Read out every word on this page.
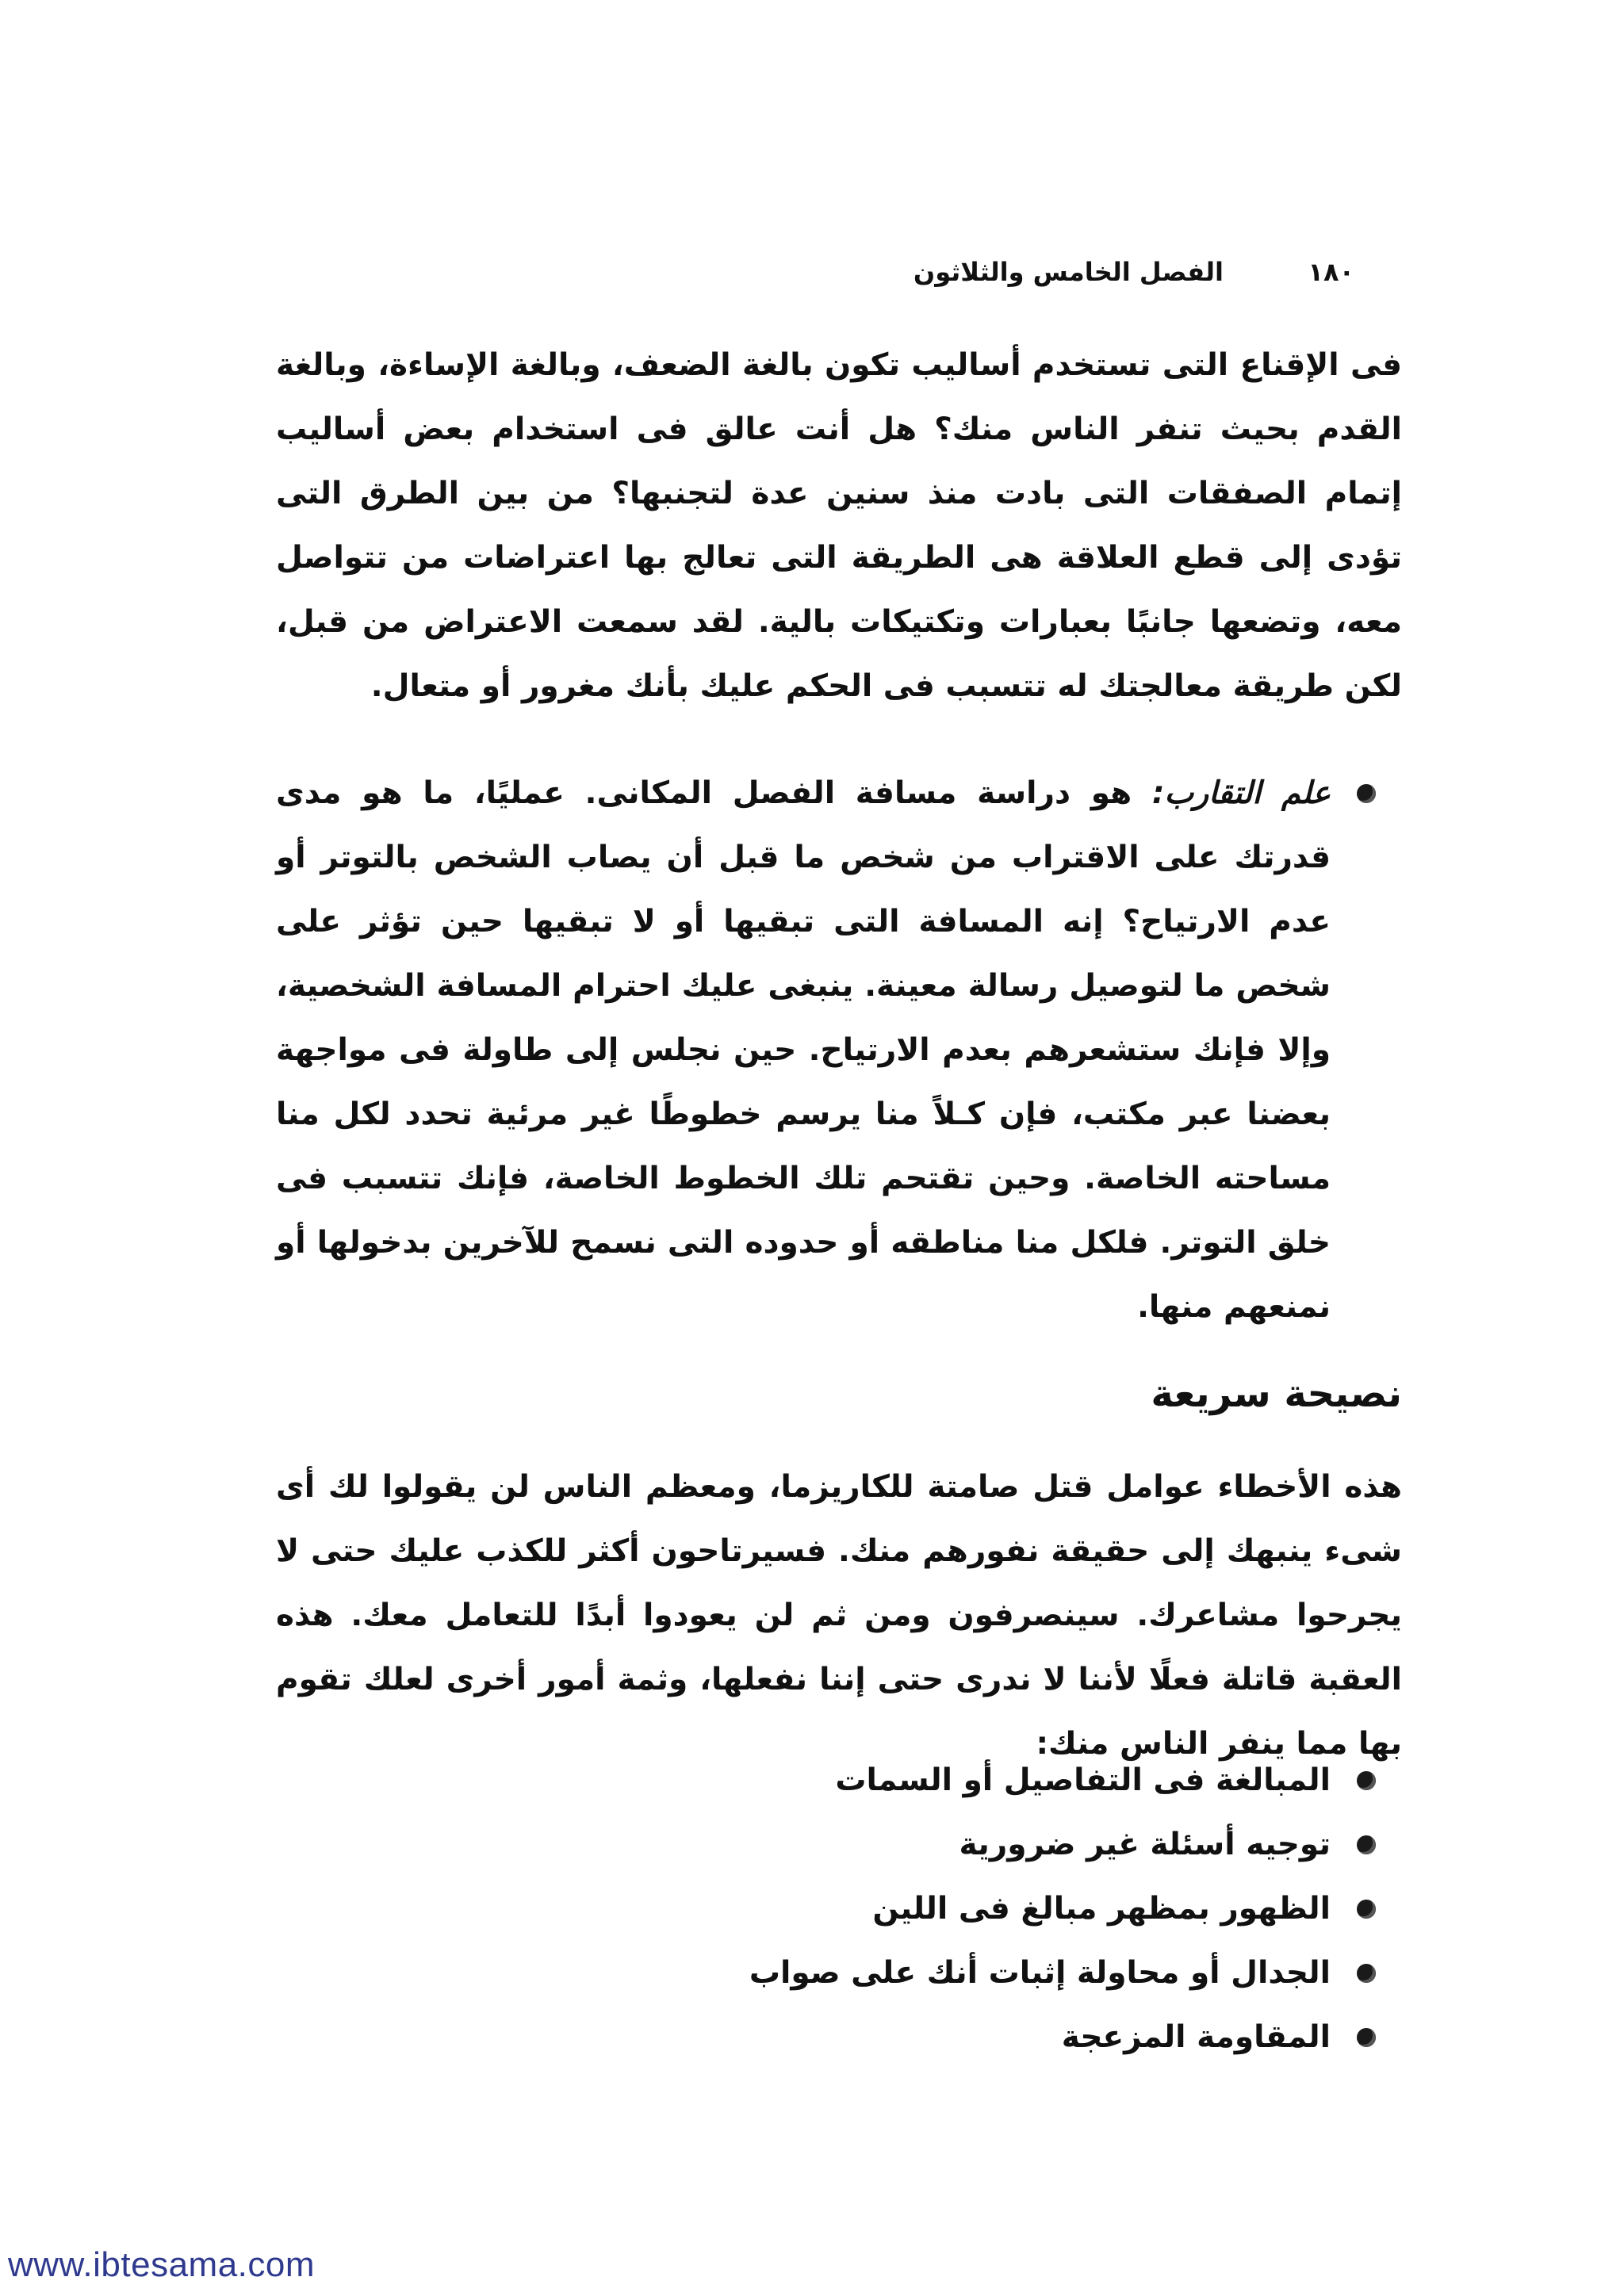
١٨٠
الفصل الخامس والثلاثون

فى الإقناع التى تستخدم أساليب تكون بالغة الضعف، وبالغة الإساءة، وبالغة القدم بحيث تنفر الناس منك؟ هل أنت عالق فى استخدام بعض أساليب إتمام الصفقات التى بادت منذ سنين عدة لتجنبها؟ من بين الطرق التى تؤدى إلى قطع العلاقة هى الطريقة التى تعالج بها اعتراضات من تتواصل معه، وتضعها جانبًا بعبارات وتكتيكات بالية. لقد سمعت الاعتراض من قبل، لكن طريقة معالجتك له تتسبب فى الحكم عليك بأنك مغرور أو متعال.

علم التقارب: هو دراسة مسافة الفصل المكانى. عمليًا، ما هو مدى قدرتك على الاقتراب من شخص ما قبل أن يصاب الشخص بالتوتر أو عدم الارتياح؟ إنه المسافة التى تبقيها أو لا تبقيها حين تؤثر على شخص ما لتوصيل رسالة معينة. ينبغى عليك احترام المسافة الشخصية، وإلا فإنك ستشعرهم بعدم الارتياح. حين نجلس إلى طاولة فى مواجهة بعضنا عبر مكتب، فإن كـلاً منا يرسم خطوطًا غير مرئية تحدد لكل منا مساحته الخاصة. وحين تقتحم تلك الخطوط الخاصة، فإنك تتسبب فى خلق التوتر. فلكل منا مناطقه أو حدوده التى نسمح للآخرين بدخولها أو نمنعهم منها.

نصيحة سريعة

هذه الأخطاء عوامل قتل صامتة للكاريزما، ومعظم الناس لن يقولوا لك أى شىء ينبهك إلى حقيقة نفورهم منك. فسيرتاحون أكثر للكذب عليك حتى لا يجرحوا مشاعرك. سينصرفون ومن ثم لن يعودوا أبدًا للتعامل معك. هذه العقبة قاتلة فعلًا لأننا لا ندرى حتى إننا نفعلها، وثمة أمور أخرى لعلك تقوم بها مما ينفر الناس منك:

المبالغة فى التفاصيل أو السمات
توجيه أسئلة غير ضرورية
الظهور بمظهر مبالغ فى اللين
الجدال أو محاولة إثبات أنك على صواب
المقاومة المزعجة
www.ibtesama.com
